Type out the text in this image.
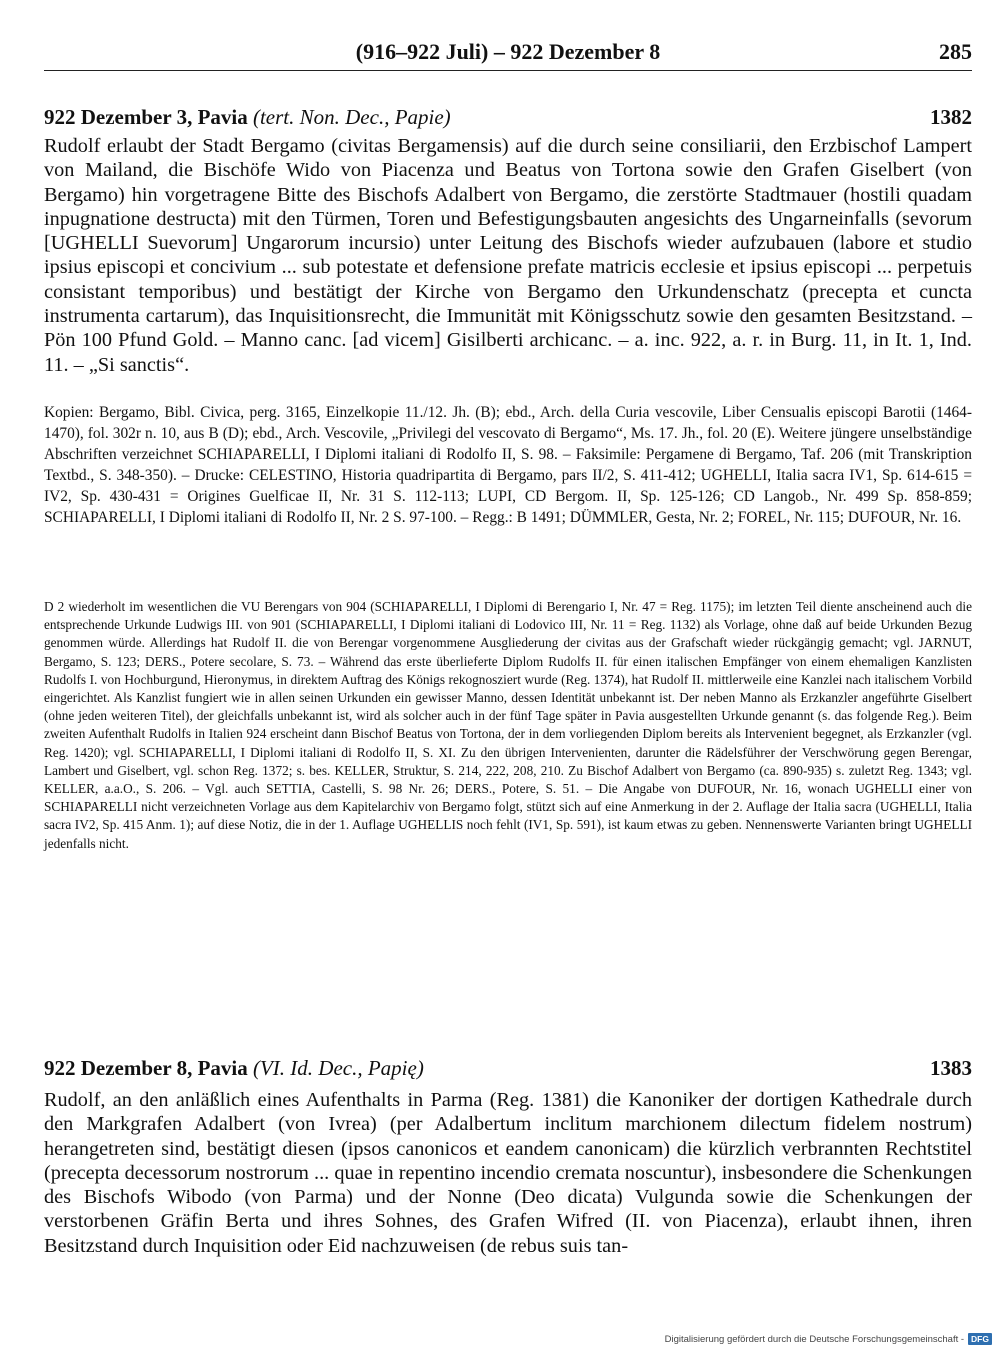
(916–922 Juli) – 922 Dezember 8	285
922 Dezember 3, Pavia (tert. Non. Dec., Papie)	1382

Rudolf erlaubt der Stadt Bergamo (civitas Bergamensis) auf die durch seine consiliarii, den Erzbischof Lampert von Mailand, die Bischöfe Wido von Piacenza und Beatus von Tortona sowie den Grafen Giselbert (von Bergamo) hin vorgetragene Bitte des Bischofs Adalbert von Bergamo, die zerstörte Stadtmauer (hostili quadam inpugnatione destructa) mit den Türmen, Toren und Befestigungsbauten angesichts des Ungarneinfalls (sevorum [UGHELLI Suevorum] Ungarorum incursio) unter Leitung des Bischofs wieder aufzubauen (labore et studio ipsius episcopi et concivium ... sub potestate et defensione prefate matricis ecclesie et ipsius episcopi ... perpetuis consistant temporibus) und bestätigt der Kirche von Bergamo den Urkundenschatz (precepta et cuncta instrumenta cartarum), das Inquisitionsrecht, die Immunität mit Königsschutz sowie den gesamten Besitzstand. – Pön 100 Pfund Gold. – Manno canc. [ad vicem] Gisilberti archicanc. – a. inc. 922, a. r. in Burg. 11, in It. 1, Ind. 11. – „Si sanctis“.

Kopien: Bergamo, Bibl. Civica, perg. 3165, Einzelkopie 11./12. Jh. (B); ebd., Arch. della Curia vescovile, Liber Censualis episcopi Barotii (1464-1470), fol. 302r n. 10, aus B (D); ebd., Arch. Vescovile, „Privilegi del vescovato di Bergamo“, Ms. 17. Jh., fol. 20 (E). Weitere jüngere unselbständige Abschriften verzeichnet SCHIAPARELLI, I Diplomi italiani di Rodolfo II, S. 98. – Faksimile: Pergamene di Bergamo, Taf. 206 (mit Transkription Textbd., S. 348-350). – Drucke: CELESTINO, Historia quadripartita di Bergamo, pars II/2, S. 411-412; UGHELLI, Italia sacra IV1, Sp. 614-615 = IV2, Sp. 430-431 = Origines Guelficae II, Nr. 31 S. 112-113; LUPI, CD Bergom. II, Sp. 125-126; CD Langob., Nr. 499 Sp. 858-859; SCHIAPARELLI, I Diplomi italiani di Rodolfo II, Nr. 2 S. 97-100. – Regg.: B 1491; DÜMMLER, Gesta, Nr. 2; FOREL, Nr. 115; DUFOUR, Nr. 16.

D 2 wiederholt im wesentlichen die VU Berengars von 904 (SCHIAPARELLI, I Diplomi di Berengario I, Nr. 47 = Reg. 1175); im letzten Teil diente anscheinend auch die entsprechende Urkunde Ludwigs III. von 901 (SCHIAPARELLI, I Diplomi italiani di Lodovico III, Nr. 11 = Reg. 1132) als Vorlage, ohne daß auf beide Urkunden Bezug genommen würde. Allerdings hat Rudolf II. die von Berengar vorgenommene Ausgliederung der civitas aus der Grafschaft wieder rückgängig gemacht; vgl. JARNUT, Bergamo, S. 123; DERS., Potere secolare, S. 73. – Während das erste überlieferte Diplom Rudolfs II. für einen italischen Empfänger von einem ehemaligen Kanzlisten Rudolfs I. von Hochburgund, Hieronymus, in direktem Auftrag des Königs rekognosziert wurde (Reg. 1374), hat Rudolf II. mittlerweile eine Kanzlei nach italischem Vorbild eingerichtet. Als Kanzlist fungiert wie in allen seinen Urkunden ein gewisser Manno, dessen Identität unbekannt ist. Der neben Manno als Erzkanzler angeführte Giselbert (ohne jeden weiteren Titel), der gleichfalls unbekannt ist, wird als solcher auch in der fünf Tage später in Pavia ausgestellten Urkunde genannt (s. das folgende Reg.). Beim zweiten Aufenthalt Rudolfs in Italien 924 erscheint dann Bischof Beatus von Tortona, der in dem vorliegenden Diplom bereits als Intervenient begegnet, als Erzkanzler (vgl. Reg. 1420); vgl. SCHIAPARELLI, I Diplomi italiani di Rodolfo II, S. XI. Zu den übrigen Intervenienten, darunter die Rädelsführer der Verschwörung gegen Berengar, Lambert und Giselbert, vgl. schon Reg. 1372; s. bes. KELLER, Struktur, S. 214, 222, 208, 210. Zu Bischof Adalbert von Bergamo (ca. 890-935) s. zuletzt Reg. 1343; vgl. KELLER, a.a.O., S. 206. – Vgl. auch SETTIA, Castelli, S. 98 Nr. 26; DERS., Potere, S. 51. – Die Angabe von DUFOUR, Nr. 16, wonach UGHELLI einer von SCHIAPARELLI nicht verzeichneten Vorlage aus dem Kapitelarchiv von Bergamo folgt, stützt sich auf eine Anmerkung in der 2. Auflage der Italia sacra (UGHELLI, Italia sacra IV2, Sp. 415 Anm. 1); auf diese Notiz, die in der 1. Auflage UGHELLIS noch fehlt (IV1, Sp. 591), ist kaum etwas zu geben. Nennenswerte Varianten bringt UGHELLI jedenfalls nicht.

922 Dezember 8, Pavia (VI. Id. Dec., Papię)	1383

Rudolf, an den anläßlich eines Aufenthalts in Parma (Reg. 1381) die Kanoniker der dortigen Kathedrale durch den Markgrafen Adalbert (von Ivrea) (per Adalbertum inclitum marchionem dilectum fidelem nostrum) herangetreten sind, bestätigt diesen (ipsos canonicos et eandem canonicam) die kürzlich verbrannten Rechtstitel (precepta decessorum nostrorum ... quae in repentino incendio cremata noscuntur), insbesondere die Schenkungen des Bischofs Wibodo (von Parma) und der Nonne (Deo dicata) Vulgunda sowie die Schenkungen der verstorbenen Gräfin Berta und ihres Sohnes, des Grafen Wifred (II. von Piacenza), erlaubt ihnen, ihren Besitzstand durch Inquisition oder Eid nachzuweisen (de rebus suis tan-

Digitalisierung gefördert durch die Deutsche Forschungsgemeinschaft - DFG
